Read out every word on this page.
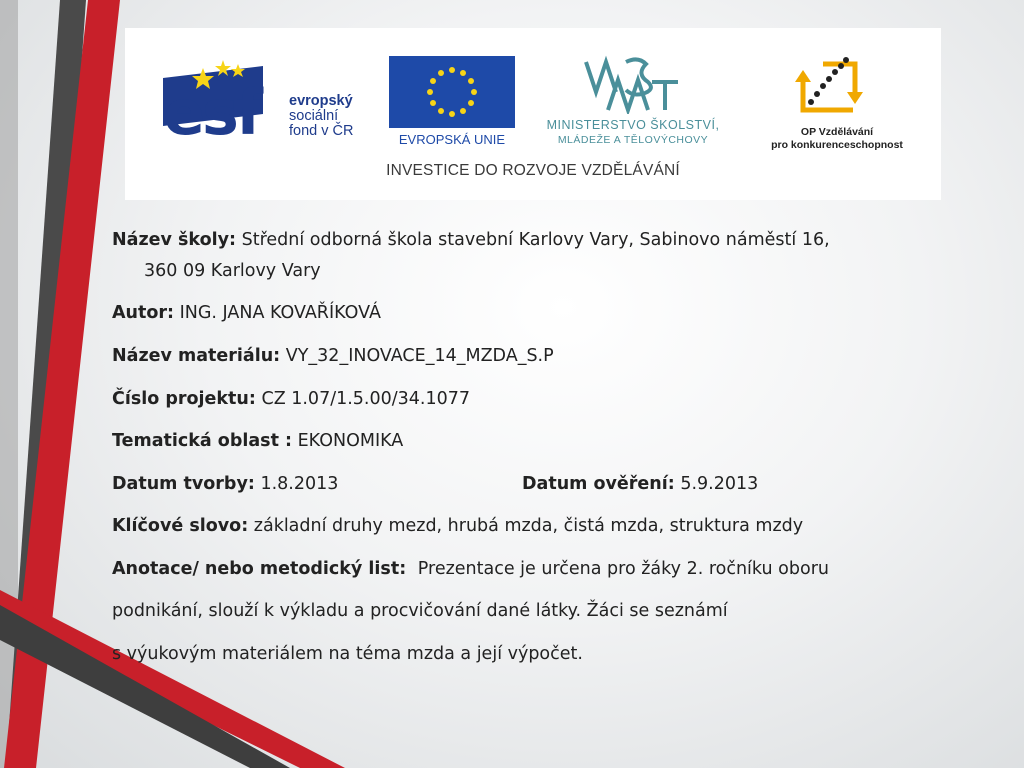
esf evropský
sociální
fond v ČR
EVROPSKÁ UNIE
MINISTERSTVO ŠKOLSTVÍ,
MLÁDEŽE A TĚLOVÝCHOVY
OP Vzdělávání
pro konkurenceschopnost
INVESTICE DO ROZVOJE VZDĚLÁVÁNÍ
Název školy: Střední odborná škola stavební Karlovy Vary, Sabinovo náměstí 16,
360 09 Karlovy Vary
Autor: ING. JANA KOVAŘÍKOVÁ
Název materiálu: VY_32_INOVACE_14_MZDA_S.P
Číslo projektu: CZ 1.07/1.5.00/34.1077
Tematická oblast : EKONOMIKA
Datum tvorby: 1.8.2013	Datum ověření: 5.9.2013
Klíčové slovo: základní druhy mezd, hrubá mzda, čistá mzda, struktura mzdy
Anotace/ nebo metodický list: Prezentace je určena pro žáky 2. ročníku oboru
podnikání, slouží k výkladu a procvičování dané látky. Žáci se seznámí
s výukovým materiálem na téma mzda a její výpočet.
